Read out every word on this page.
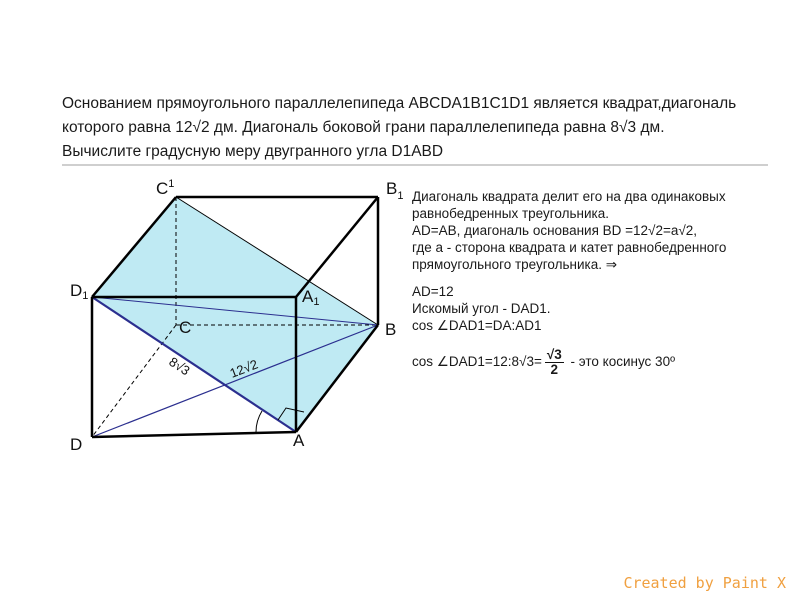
Основанием прямоугольного параллелепипеда ABCDA1B1C1D1 является квадрат,диагональ

которого равна 12√2 дм. Диагональ боковой грани параллелепипеда равна 8√3 дм.

Вычислите градусную меру двугранного угла D1ABD

$C^1$	$B_1$
D1	A1
C	B
D	A
8√3	12√2
Диагональ квадрата делит его на два одинаковых
равнобедренных треугольника.
AD=AB, диагональ основания BD =12√2=a√2,
где a - сторона квадрата и катет равнобедренного
прямоугольного треугольника. ⇒
AD=12
Искомый угол - DAD1.
cos ∠DAD1=DA:AD1
cos ∠DAD1=12:8√3= $\frac{√3}{2}$ - это косинус 30º
Created by Paint X
